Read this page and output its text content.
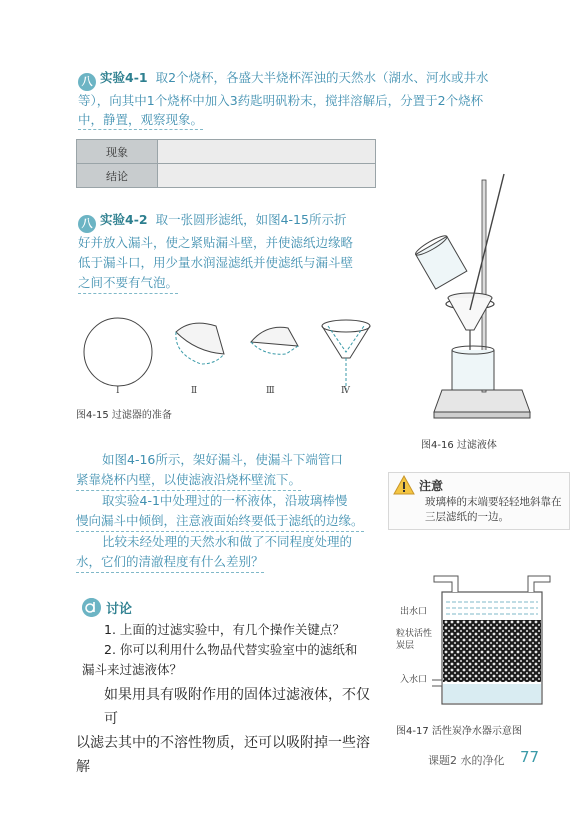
八 实验4-1 取2个烧杯，各盛大半烧杯浑浊的天然水（湖水、河水或井水
等），向其中1个烧杯中加入3药匙明矾粉末，搅拌溶解后，分置于2个烧杯
中，静置，观察现象。
现象	
结论	
八 实验4-2 取一张圆形滤纸，如图4-15所示折
好并放入漏斗，使之紧贴漏斗壁，并使滤纸边缘略
低于漏斗口，用少量水润湿滤纸并使滤纸与漏斗壁
之间不要有气泡。
Ⅰ	Ⅱ	Ⅲ	Ⅳ
图4-15 过滤器的准备
图4-16 过滤液体
如图4-16所示，架好漏斗，使漏斗下端管口
紧靠烧杯内壁，以使滤液沿烧杯壁流下。
取实验4-1中处理过的一杯液体，沿玻璃棒慢
慢向漏斗中倾倒，注意液面始终要低于滤纸的边缘。
比较未经处理的天然水和做了不同程度处理的
水，它们的清澈程度有什么差别？
注意
玻璃棒的末端要轻轻地斜靠在三层滤纸的一边。
讨论
1. 上面的过滤实验中，有几个操作关键点？
2. 你可以利用什么物品代替实验室中的滤纸和
漏斗来过滤液体？
出水口
粒状活性炭层
入水口
图4-17 活性炭净水器示意图
如果用具有吸附作用的固体过滤液体，不仅可
以滤去其中的不溶性物质，还可以吸附掉一些溶解	课题2 水的净化 77
